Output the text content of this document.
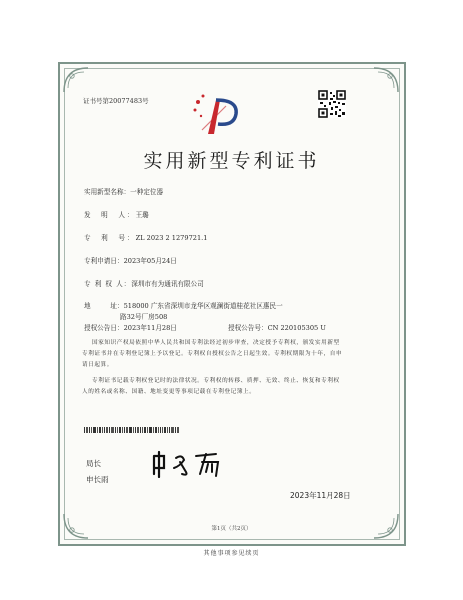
证书号第20077483号
实用新型专利证书
实用新型名称：一种定位器
发　明　人：王璐
专　利　号：ZL 2023 2 1279721.1
专利申请日：2023年05月24日
专 利 权 人：深圳市有为通讯有限公司
地　　　址：518000 广东省深圳市龙华区观澜街道桂花社区惠民一
路32号厂房508
授权公告日：2023年11月28日	授权公告号：CN 220105305 U
国家知识产权局依照中华人民共和国专利法经过初步审查，决定授予专利权，颁发实用新型
专利证书并在专利登记簿上予以登记。专利权自授权公告之日起生效。专利权期限为十年，自申
请日起算。
专利证书记载专利权登记时的法律状况。专利权的转移、质押、无效、终止、恢复和专利权
人的姓名或名称、国籍、地址变更等事项记载在专利登记簿上。
局长
申长雨
2023年11月28日
第1页（共2页）
其他事项参见续页
